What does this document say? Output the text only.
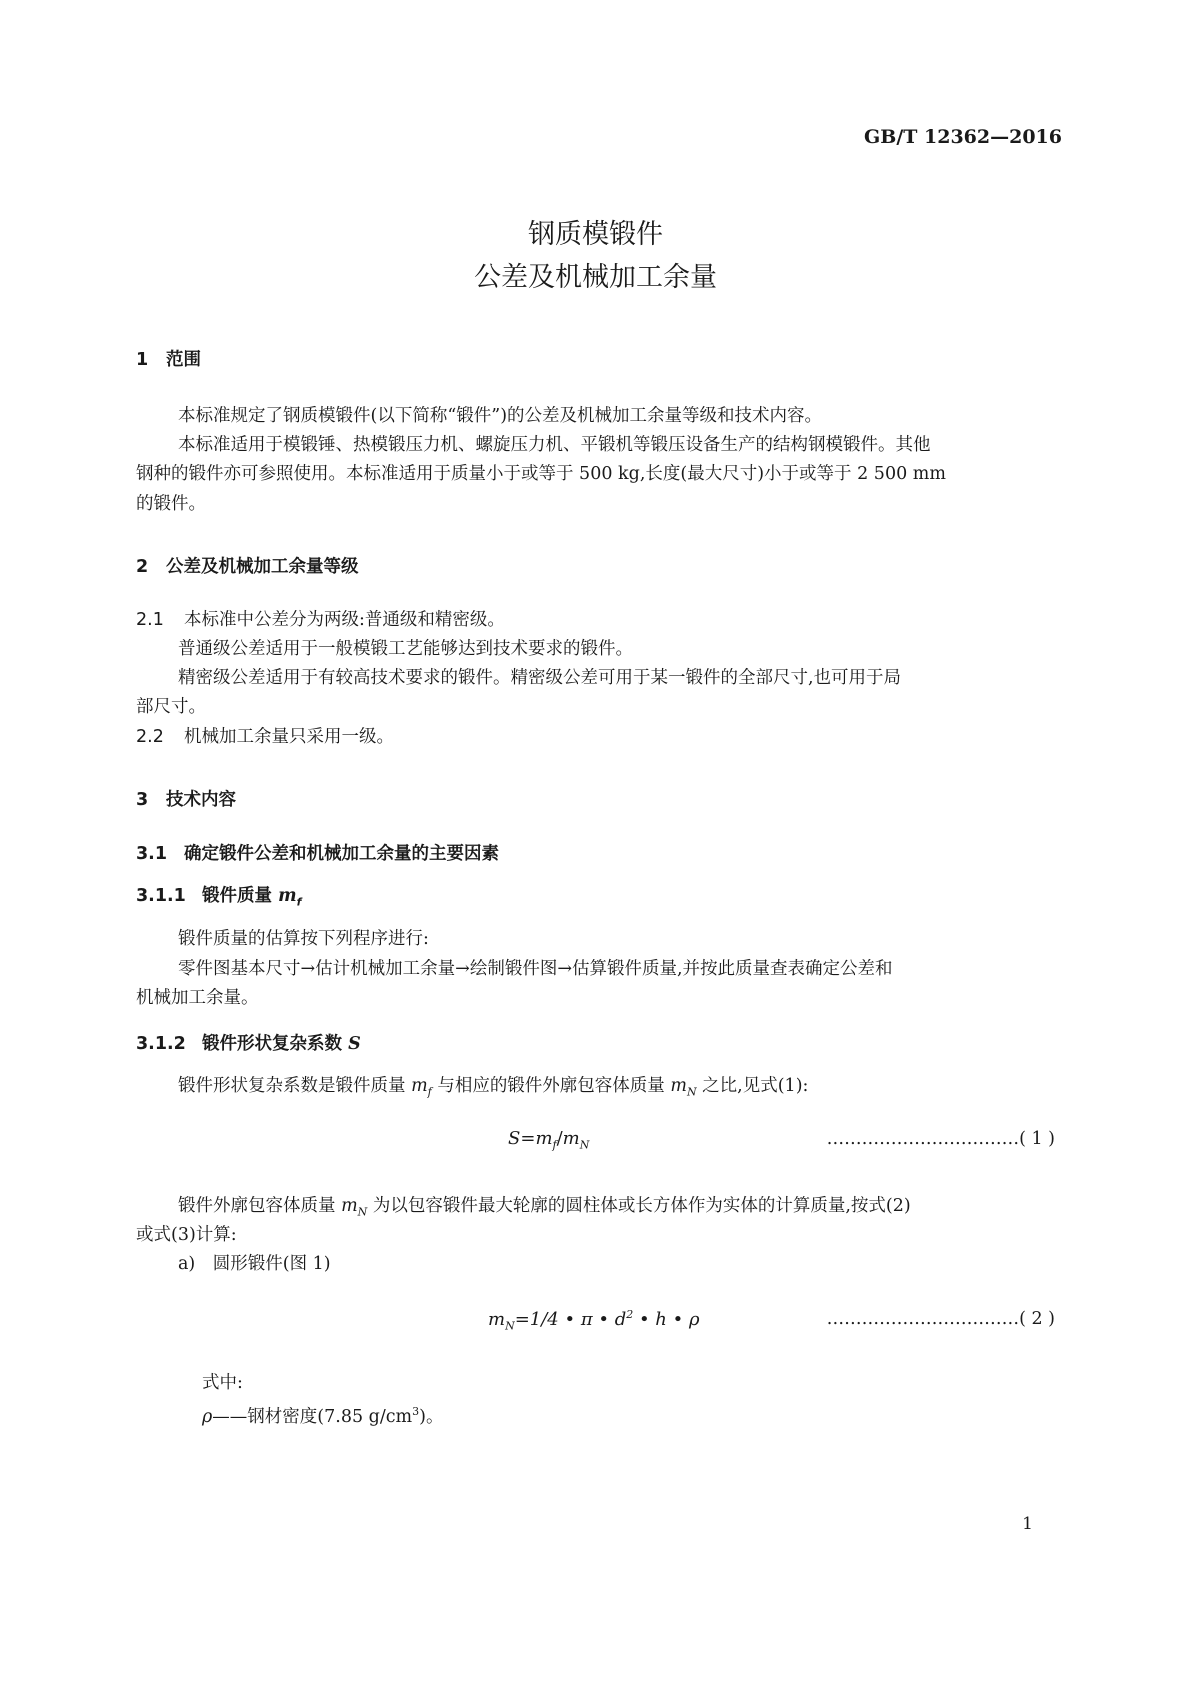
GB/T 12362—2016
钢质模锻件
公差及机械加工余量
1 范围
本标准规定了钢质模锻件(以下简称“锻件”)的公差及机械加工余量等级和技术内容。
本标准适用于模锻锤、热模锻压力机、螺旋压力机、平锻机等锻压设备生产的结构钢模锻件。其他
钢种的锻件亦可参照使用。本标准适用于质量小于或等于 500 kg,长度(最大尺寸)小于或等于 2 500 mm
的锻件。
2 公差及机械加工余量等级
2.1 本标准中公差分为两级:普通级和精密级。
普通级公差适用于一般模锻工艺能够达到技术要求的锻件。
精密级公差适用于有较高技术要求的锻件。精密级公差可用于某一锻件的全部尺寸,也可用于局
部尺寸。
2.2 机械加工余量只采用一级。
3 技术内容
3.1 确定锻件公差和机械加工余量的主要因素
3.1.1 锻件质量 $m_f$
锻件质量的估算按下列程序进行:
零件图基本尺寸→估计机械加工余量→绘制锻件图→估算锻件质量,并按此质量查表确定公差和
机械加工余量。
3.1.2 锻件形状复杂系数 S
锻件形状复杂系数是锻件质量 $m_f$ 与相应的锻件外廓包容体质量 $m_N$ 之比,见式(1):
$S=m_f/m_N$	……………………………( 1 )
锻件外廓包容体质量 $m_N$ 为以包容锻件最大轮廓的圆柱体或长方体作为实体的计算质量,按式(2)
或式(3)计算:
a)　圆形锻件(图 1)
$m_N=1/4$ • π • $d^2$ • h • ρ	……………………………( 2 )
式中:
ρ——钢材密度(7.85 $g/cm^3$)。
1
